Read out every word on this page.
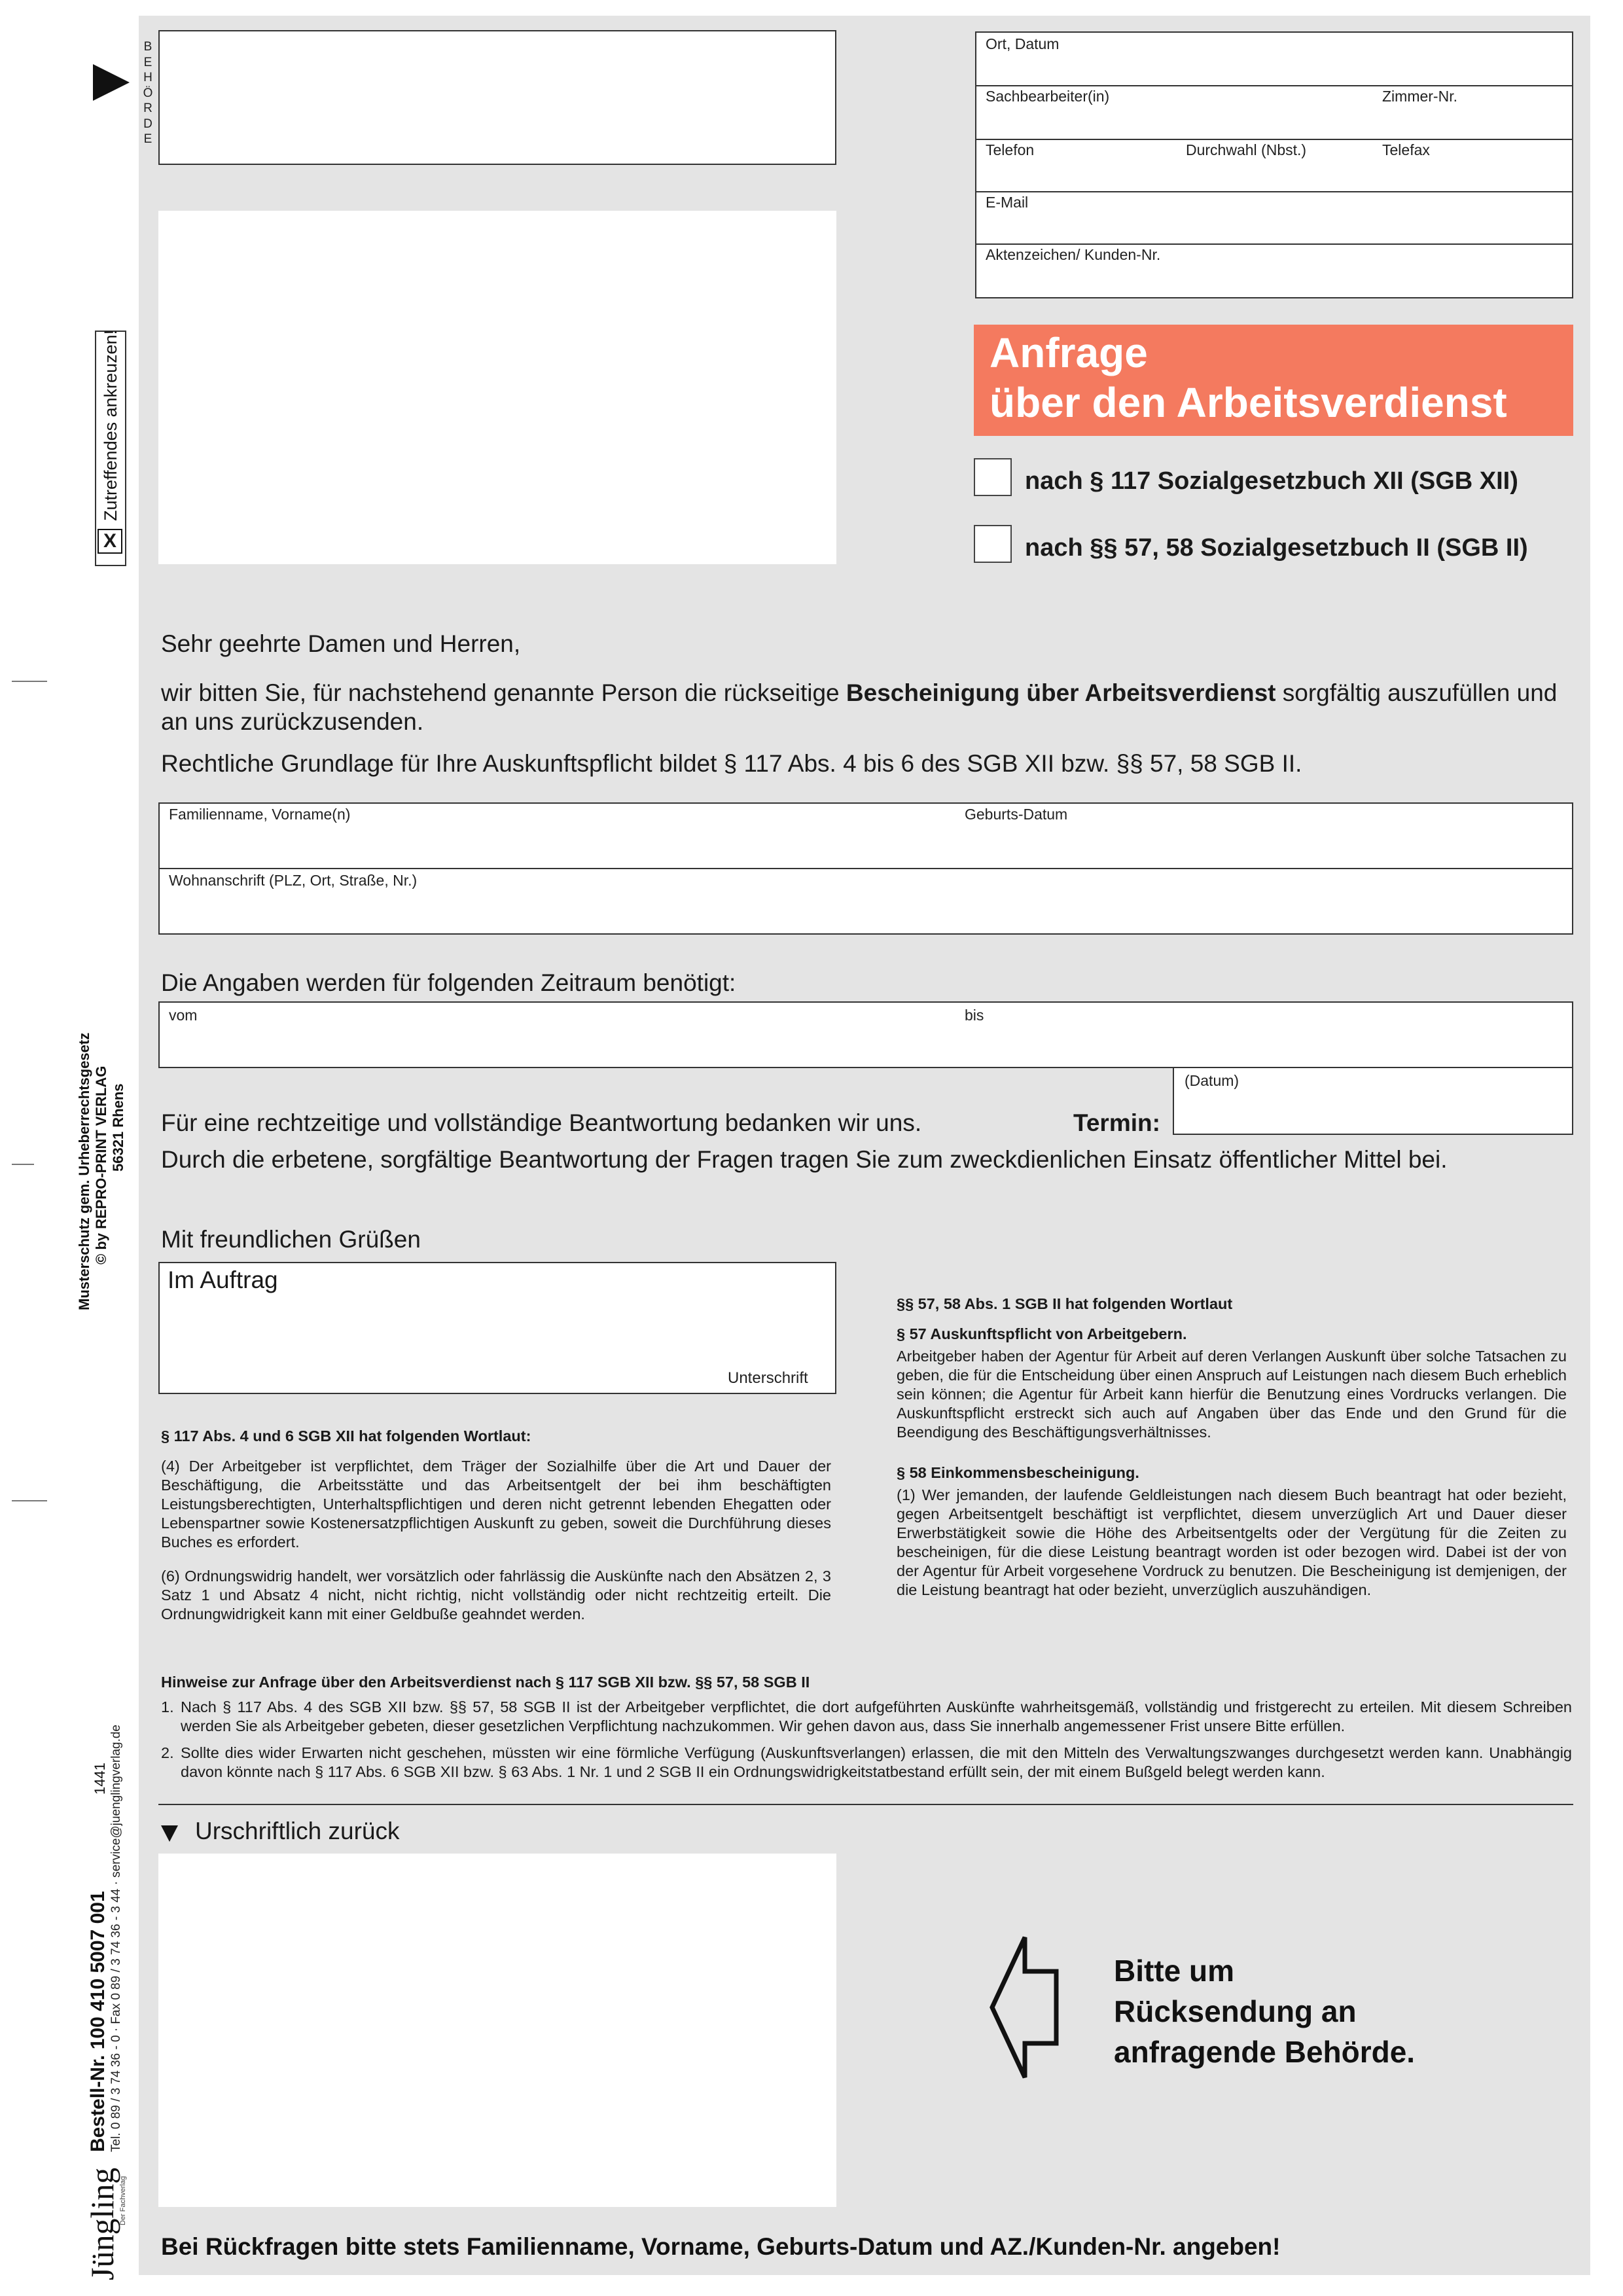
B
E
H
Ö
R
D
E
X
Zutreffendes ankreuzen!
Ort, Datum
Sachbearbeiter(in)	Zimmer-Nr.
Telefon	Durchwahl (Nbst.)	Telefax
E-Mail
Aktenzeichen/ Kunden-Nr.
Anfrage
über den Arbeitsverdienst
nach § 117 Sozialgesetzbuch XII (SGB XII)
nach §§ 57, 58 Sozialgesetzbuch II (SGB II)
Sehr geehrte Damen und Herren,
wir bitten Sie, für nachstehend genannte Person die rückseitige Bescheinigung über Arbeitsverdienst sorgfältig auszufüllen und an uns zurückzusenden.
Rechtliche Grundlage für Ihre Auskunftspflicht bildet § 117 Abs. 4 bis 6 des SGB XII bzw. §§ 57, 58 SGB II.
Familienname, Vorname(n)	Geburts-Datum
Wohnanschrift (PLZ, Ort, Straße, Nr.)
Die Angaben werden für folgenden Zeitraum benötigt:
vom	bis
(Datum)
Für eine rechtzeitige und vollständige Beantwortung bedanken wir uns.	Termin:
Durch die erbetene, sorgfältige Beantwortung der Fragen tragen Sie zum zweckdienlichen Einsatz öffentlicher Mittel bei.
Mit freundlichen Grüßen
Im Auftrag
Unterschrift
§ 117 Abs. 4 und 6 SGB XII hat folgenden Wortlaut:
(4) Der Arbeitgeber ist verpflichtet, dem Träger der Sozialhilfe über die Art und Dauer der Beschäftigung, die Arbeitsstätte und das Arbeitsentgelt der bei ihm beschäftigten Leistungsberechtigten, Unterhaltspflichtigen und deren nicht getrennt lebenden Ehegatten oder Lebenspartner sowie Kostenersatzpflichtigen Auskunft zu geben, soweit die Durchführung dieses Buches es erfordert.
(6) Ordnungswidrig handelt, wer vorsätzlich oder fahrlässig die Auskünfte nach den Absätzen 2, 3 Satz 1 und Absatz 4 nicht, nicht richtig, nicht vollständig oder nicht rechtzeitig erteilt. Die Ordnungwidrigkeit kann mit einer Geldbuße geahndet werden.
§§ 57, 58 Abs. 1 SGB II hat folgenden Wortlaut
§ 57 Auskunftspflicht von Arbeitgebern.
Arbeitgeber haben der Agentur für Arbeit auf deren Verlangen Auskunft über solche Tatsachen zu geben, die für die Entscheidung über einen Anspruch auf Leistungen nach diesem Buch erheblich sein können; die Agentur für Arbeit kann hierfür die Benutzung eines Vordrucks verlangen. Die Auskunftspflicht erstreckt sich auch auf Angaben über das Ende und den Grund für die Beendigung des Beschäftigungsverhältnisses.
§ 58 Einkommensbescheinigung.
(1) Wer jemanden, der laufende Geldleistungen nach diesem Buch beantragt hat oder bezieht, gegen Arbeitsentgelt beschäftigt ist verpflichtet, diesem unverzüglich Art und Dauer dieser Erwerbstätigkeit sowie die Höhe des Arbeitsentgelts oder der Vergütung für die Zeiten zu bescheinigen, für die diese Leistung beantragt worden ist oder bezogen wird. Dabei ist der von der Agentur für Arbeit vorgesehene Vordruck zu benutzen. Die Bescheinigung ist demjenigen, der die Leistung beantragt hat oder bezieht, unverzüglich auszuhändigen.
Hinweise zur Anfrage über den Arbeitsverdienst nach § 117 SGB XII bzw. §§ 57, 58 SGB II
1. Nach § 117 Abs. 4 des SGB XII bzw. §§ 57, 58 SGB II ist der Arbeitgeber verpflichtet, die dort aufgeführten Auskünfte wahrheitsgemäß, vollständig und fristgerecht zu erteilen. Mit diesem Schreiben werden Sie als Arbeitgeber gebeten, dieser gesetzlichen Verpflichtung nachzukommen. Wir gehen davon aus, dass Sie innerhalb angemessener Frist unsere Bitte erfüllen.
2. Sollte dies wider Erwarten nicht geschehen, müssten wir eine förmliche Verfügung (Auskunftsverlangen) erlassen, die mit den Mitteln des Verwaltungszwanges durchgesetzt werden kann. Unabhängig davon könnte nach § 117 Abs. 6 SGB XII bzw. § 63 Abs. 1 Nr. 1 und 2 SGB II ein Ordnungswidrigkeitstatbestand erfüllt sein, der mit einem Bußgeld belegt werden kann.
Urschriftlich zurück
Bitte um
Rücksendung an
anfragende Behörde.
Bei Rückfragen bitte stets Familienname, Vorname, Geburts-Datum und AZ./Kunden-Nr. angeben!
Musterschutz gem. Urheberrechtsgesetz © by REPRO-PRINT VERLAG 56321 Rhens
1441
Bestell-Nr. 100 410 5007 001 Tel. 0 89 / 3 74 36 - 0 · Fax 0 89 / 3 74 36 - 3 44 · service@juenglingverlag.de
Jüngling
Der Fachverlag
